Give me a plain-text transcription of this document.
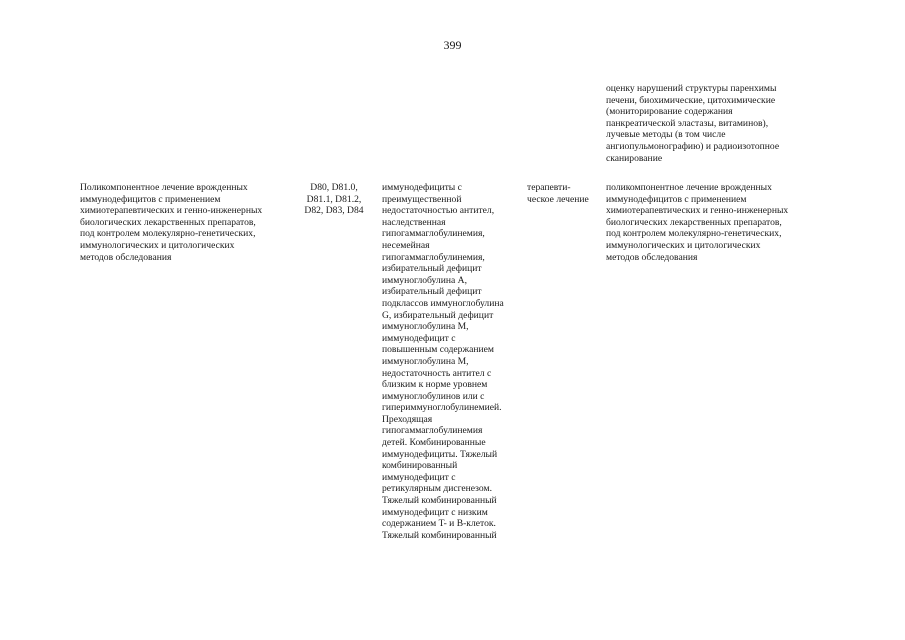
399
оценку нарушений структуры паренхимы
печени, биохимические, цитохимические
(мониторирование содержания
панкреатической эластазы, витаминов),
лучевые методы (в том числе
ангиопульмонографию) и радиоизотопное
сканирование
Поликомпонентное лечение врожденных
иммунодефицитов с применением
химиотерапевтических и генно-инженерных
биологических лекарственных препаратов,
под контролем молекулярно-генетических,
иммунологических и цитологических
методов обследования
D80, D81.0,
D81.1, D81.2,
D82, D83, D84
иммунодефициты с
преимущественной
недостаточностью антител,
наследственная
гипогаммаглобулинемия,
несемейная
гипогаммаглобулинемия,
избирательный дефицит
иммуноглобулина A,
избирательный дефицит
подклассов иммуноглобулина
G, избирательный дефицит
иммуноглобулина M,
иммунодефицит с
повышенным содержанием
иммуноглобулина M,
недостаточность антител с
близким к норме уровнем
иммуноглобулинов или с
гипериммуноглобулинемией.
Преходящая
гипогаммаглобулинемия
детей. Комбинированные
иммунодефициты. Тяжелый
комбинированный
иммунодефицит с
ретикулярным дисгенезом.
Тяжелый комбинированный
иммунодефицит с низким
содержанием T- и B-клеток.
Тяжелый комбинированный
терапевти-
ческое лечение
поликомпонентное лечение врожденных
иммунодефицитов с применением
химиотерапевтических и генно-инженерных
биологических лекарственных препаратов,
под контролем молекулярно-генетических,
иммунологических и цитологических
методов обследования
